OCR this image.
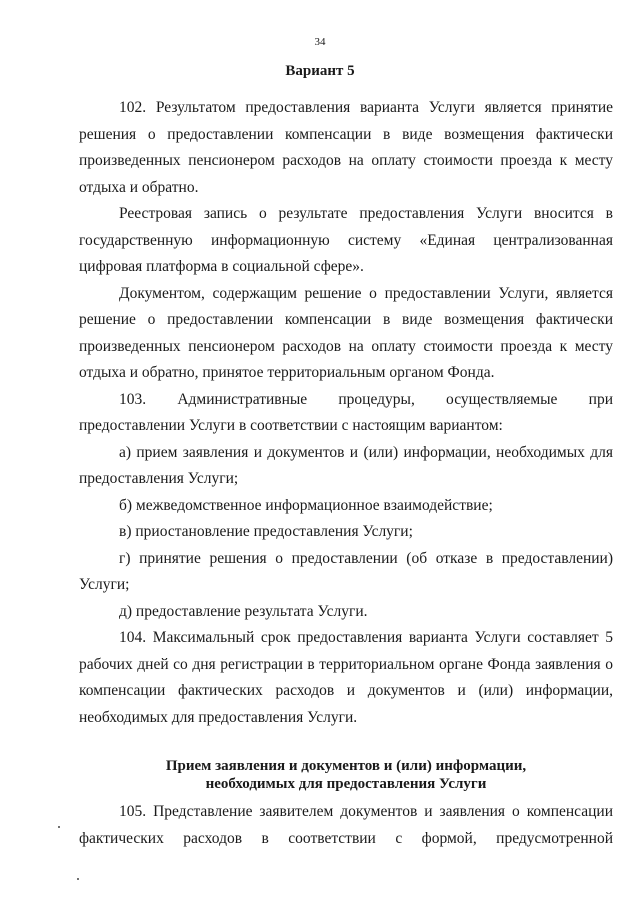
34
Вариант 5

102. Результатом предоставления варианта Услуги является принятие решения о предоставлении компенсации в виде возмещения фактически произведенных пенсионером расходов на оплату стоимости проезда к месту отдыха и обратно.

Реестровая запись о результате предоставления Услуги вносится в государственную информационную систему «Единая централизованная цифровая платформа в социальной сфере».

Документом, содержащим решение о предоставлении Услуги, является решение о предоставлении компенсации в виде возмещения фактически произведенных пенсионером расходов на оплату стоимости проезда к месту отдыха и обратно, принятое территориальным органом Фонда.

103. Административные процедуры, осуществляемые при предоставлении Услуги в соответствии с настоящим вариантом:

а) прием заявления и документов и (или) информации, необходимых для предоставления Услуги;

б) межведомственное информационное взаимодействие;

в) приостановление предоставления Услуги;

г) принятие решения о предоставлении (об отказе в предоставлении) Услуги;

д) предоставление результата Услуги.

104. Максимальный срок предоставления варианта Услуги составляет 5 рабочих дней со дня регистрации в территориальном органе Фонда заявления о компенсации фактических расходов и документов и (или) информации, необходимых для предоставления Услуги.

Прием заявления и документов и (или) информации,
необходимых для предоставления Услуги

105. Представление заявителем документов и заявления о компенсации фактических расходов в соответствии с формой, предусмотренной
